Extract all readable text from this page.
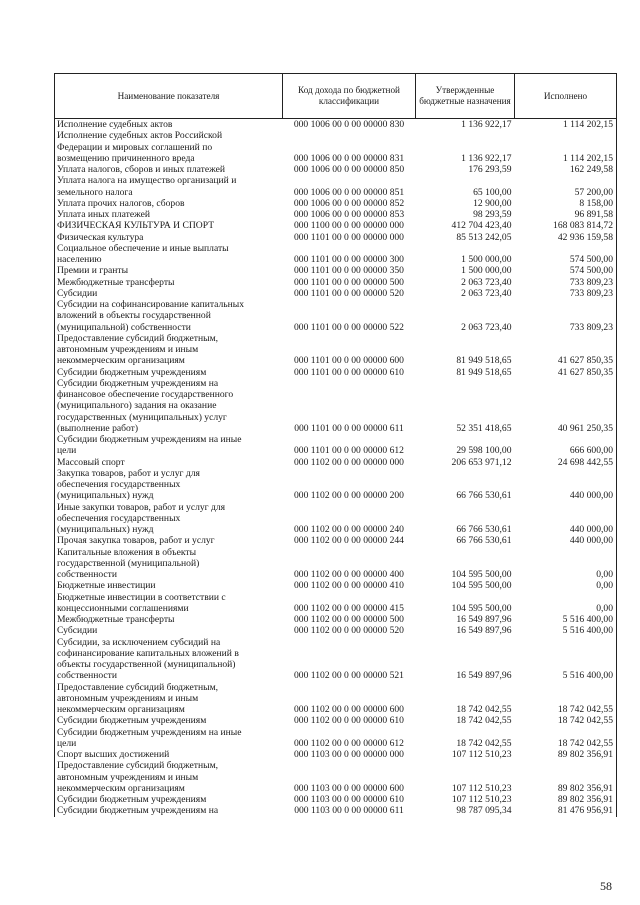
Наименование показателя	Код дохода по бюджетной классификации	Утвержденные бюджетные назначения	Исполнено

Исполнение судебных актов	000 1006 00 0 00 00000 830	1 136 922,17	1 114 202,15

Исполнение судебных актов Российской
Федерации и мировых соглашений по
возмещению причиненного вреда	000 1006 00 0 00 00000 831	1 136 922,17	1 114 202,15

Уплата налогов, сборов и иных платежей	000 1006 00 0 00 00000 850	176 293,59	162 249,58

Уплата налога на имущество организаций и
земельного налога	000 1006 00 0 00 00000 851	65 100,00	57 200,00

Уплата прочих налогов, сборов	000 1006 00 0 00 00000 852	12 900,00	8 158,00

Уплата иных платежей	000 1006 00 0 00 00000 853	98 293,59	96 891,58

ФИЗИЧЕСКАЯ КУЛЬТУРА И СПОРТ	000 1100 00 0 00 00000 000	412 704 423,40	168 083 814,72

Физическая культура	000 1101 00 0 00 00000 000	85 513 242,05	42 936 159,58

Социальное обеспечение и иные выплаты
населению	000 1101 00 0 00 00000 300	1 500 000,00	574 500,00

Премии и гранты	000 1101 00 0 00 00000 350	1 500 000,00	574 500,00

Межбюджетные трансферты	000 1101 00 0 00 00000 500	2 063 723,40	733 809,23

Субсидии	000 1101 00 0 00 00000 520	2 063 723,40	733 809,23

Субсидии на софинансирование капитальных
вложений в объекты государственной
(муниципальной) собственности	000 1101 00 0 00 00000 522	2 063 723,40	733 809,23

Предоставление субсидий бюджетным,
автономным учреждениям и иным
некоммерческим организациям	000 1101 00 0 00 00000 600	81 949 518,65	41 627 850,35

Субсидии бюджетным учреждениям	000 1101 00 0 00 00000 610	81 949 518,65	41 627 850,35

Субсидии бюджетным учреждениям на
финансовое обеспечение государственного
(муниципального) задания на оказание
государственных (муниципальных) услуг
(выполнение работ)	000 1101 00 0 00 00000 611	52 351 418,65	40 961 250,35

Субсидии бюджетным учреждениям на иные
цели	000 1101 00 0 00 00000 612	29 598 100,00	666 600,00

Массовый спорт	000 1102 00 0 00 00000 000	206 653 971,12	24 698 442,55

Закупка товаров, работ и услуг для
обеспечения государственных
(муниципальных) нужд	000 1102 00 0 00 00000 200	66 766 530,61	440 000,00

Иные закупки товаров, работ и услуг для
обеспечения государственных
(муниципальных) нужд	000 1102 00 0 00 00000 240	66 766 530,61	440 000,00

Прочая закупка товаров, работ и услуг	000 1102 00 0 00 00000 244	66 766 530,61	440 000,00

Капитальные вложения в объекты
государственной (муниципальной)
собственности	000 1102 00 0 00 00000 400	104 595 500,00	0,00

Бюджетные инвестиции	000 1102 00 0 00 00000 410	104 595 500,00	0,00

Бюджетные инвестиции в соответствии с
концессионными соглашениями	000 1102 00 0 00 00000 415	104 595 500,00	0,00

Межбюджетные трансферты	000 1102 00 0 00 00000 500	16 549 897,96	5 516 400,00

Субсидии	000 1102 00 0 00 00000 520	16 549 897,96	5 516 400,00

Субсидии, за исключением субсидий на
софинансирование капитальных вложений в
объекты государственной (муниципальной)
собственности	000 1102 00 0 00 00000 521	16 549 897,96	5 516 400,00

Предоставление субсидий бюджетным,
автономным учреждениям и иным
некоммерческим организациям	000 1102 00 0 00 00000 600	18 742 042,55	18 742 042,55

Субсидии бюджетным учреждениям	000 1102 00 0 00 00000 610	18 742 042,55	18 742 042,55

Субсидии бюджетным учреждениям на иные
цели	000 1102 00 0 00 00000 612	18 742 042,55	18 742 042,55

Спорт высших достижений	000 1103 00 0 00 00000 000	107 112 510,23	89 802 356,91

Предоставление субсидий бюджетным,
автономным учреждениям и иным
некоммерческим организациям	000 1103 00 0 00 00000 600	107 112 510,23	89 802 356,91

Субсидии бюджетным учреждениям	000 1103 00 0 00 00000 610	107 112 510,23	89 802 356,91

Субсидии бюджетным учреждениям на	000 1103 00 0 00 00000 611	98 787 095,34	81 476 956,91
58
